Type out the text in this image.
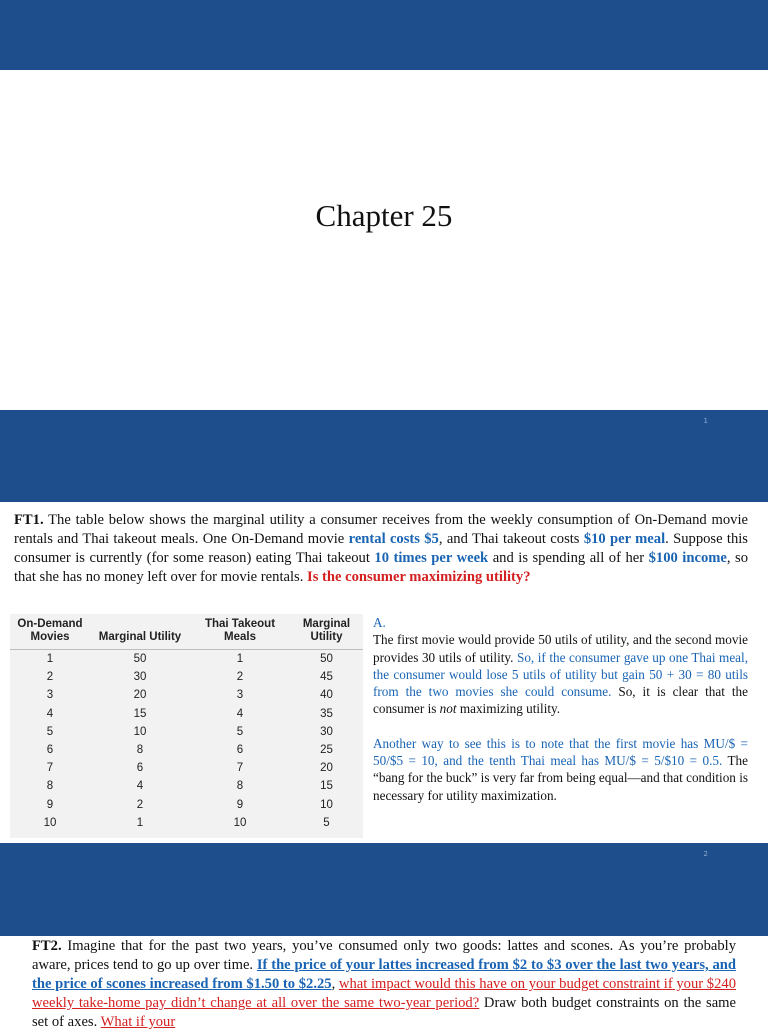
Chapter 25
1

FT1. The table below shows the marginal utility a consumer receives from the weekly consumption of On-Demand movie rentals and Thai takeout meals. One On-Demand movie rental costs $5, and Thai takeout costs $10 per meal. Suppose this consumer is currently (for some reason) eating Thai takeout 10 times per week and is spending all of her $100 income, so that she has no money left over for movie rentals. Is the consumer maximizing utility?

On-Demand Movies	Marginal Utility	Thai Takeout Meals	Marginal Utility
1	50	1	50
2	30	2	45
3	20	3	40
4	15	4	35
5	10	5	30
6	8	6	25
7	6	7	20
8	4	8	15
9	2	9	10
10	1	10	5

A.

The first movie would provide 50 utils of utility, and the second movie provides 30 utils of utility. So, if the consumer gave up one Thai meal, the consumer would lose 5 utils of utility but gain 50 + 30 = 80 utils from the two movies she could consume. So, it is clear that the consumer is not maximizing utility.

Another way to see this is to note that the first movie has MU/$ = 50/$5 = 10, and the tenth Thai meal has MU/$ = 5/$10 = 0.5. The “bang for the buck” is very far from being equal—and that condition is necessary for utility maximization.

2

FT2. Imagine that for the past two years, you’ve consumed only two goods: lattes and scones. As you’re probably aware, prices tend to go up over time. If the price of your lattes increased from $2 to $3 over the last two years, and the price of scones increased from $1.50 to $2.25, what impact would this have on your budget constraint if your $240 weekly take-home pay didn’t change at all over the same two-year period? Draw both budget constraints on the same set of axes. What if your
